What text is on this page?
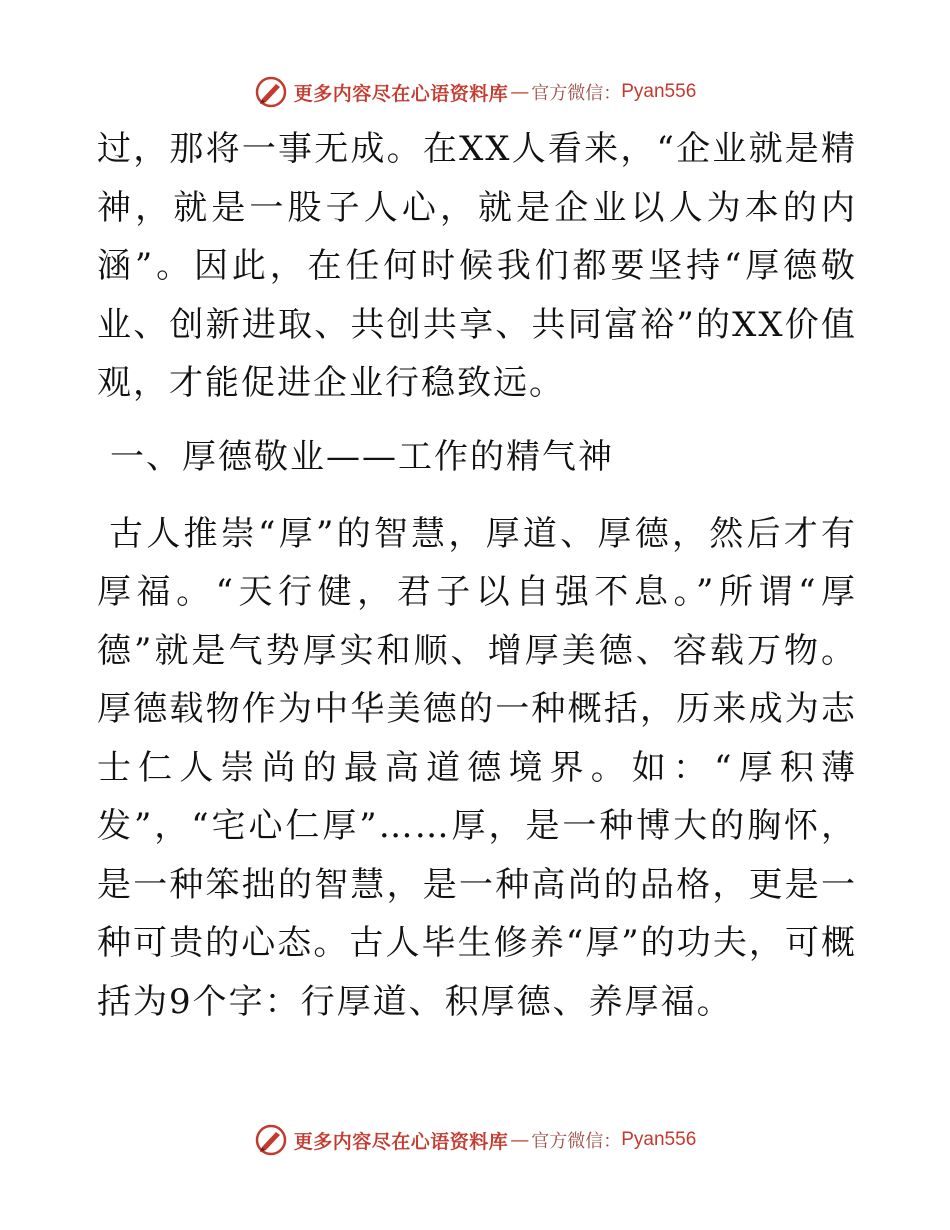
更多内容尽在心语资料库 — 官方微信： Pyan556

过，那将一事无成。在XX人看来，“企业就是精神，就是一股子人心，就是企业以人为本的内涵”。因此，在任何时候我们都要坚持“厚德敬业、创新进取、共创共享、共同富裕”的XX价值观，才能促进企业行稳致远。

一、厚德敬业——工作的精气神

古人推崇“厚”的智慧，厚道、厚德，然后才有厚福。“天行健，君子以自强不息。”所谓“厚德”就是气势厚实和顺、增厚美德、容载万物。厚德载物作为中华美德的一种概括，历来成为志士仁人崇尚的最高道德境界。如：“厚积薄发”，“宅心仁厚”……厚，是一种博大的胸怀，是一种笨拙的智慧，是一种高尚的品格，更是一种可贵的心态。古人毕生修养“厚”的功夫，可概括为9个字：行厚道、积厚德、养厚福。

更多内容尽在心语资料库 — 官方微信： Pyan556
